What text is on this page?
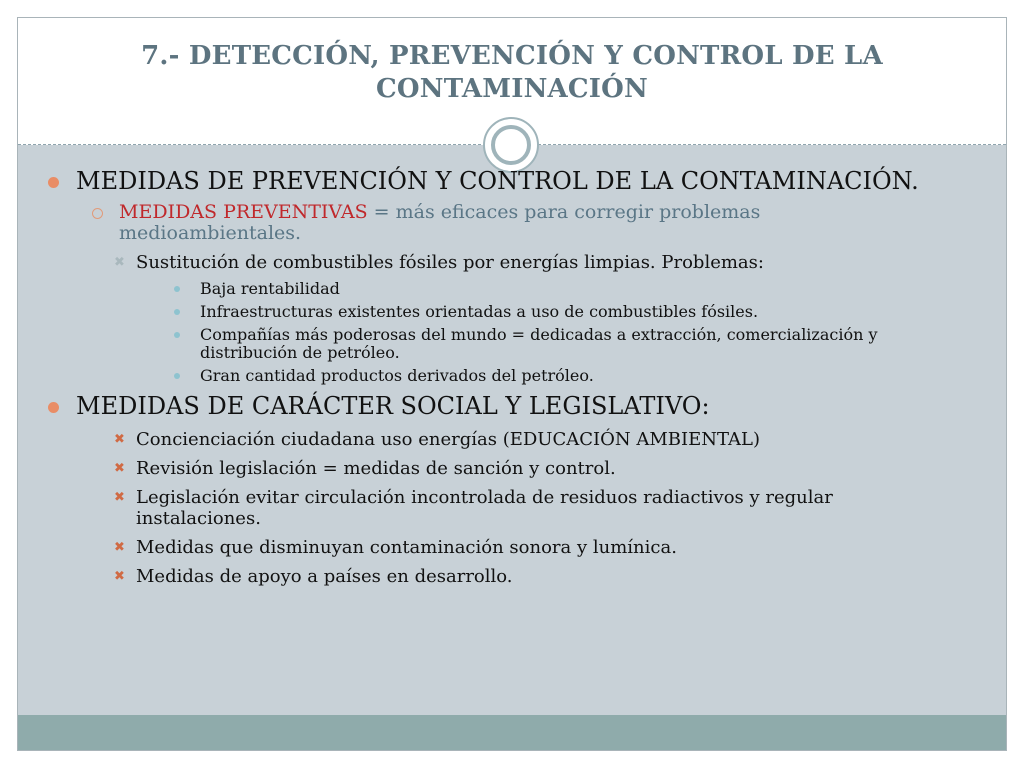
7.- DETECCIÓN, PREVENCIÓN Y CONTROL DE LA
CONTAMINACIÓN
MEDIDAS DE PREVENCIÓN Y CONTROL DE LA CONTAMINACIÓN.
MEDIDAS PREVENTIVAS = más eficaces para corregir problemas medioambientales.
✖ Sustitución de combustibles fósiles por energías limpias. Problemas:
Baja rentabilidad
Infraestructuras existentes orientadas a uso de combustibles fósiles.
Compañías más poderosas del mundo = dedicadas a extracción, comercialización y distribución de petróleo.
Gran cantidad productos derivados del petróleo.
MEDIDAS DE CARÁCTER SOCIAL Y LEGISLATIVO:
✖ Concienciación ciudadana uso energías (EDUCACIÓN AMBIENTAL)
✖ Revisión legislación = medidas de sanción y control.
✖ Legislación evitar circulación incontrolada de residuos radiactivos y regular instalaciones.
✖ Medidas que disminuyan contaminación sonora y lumínica.
✖ Medidas de apoyo a países en desarrollo.
